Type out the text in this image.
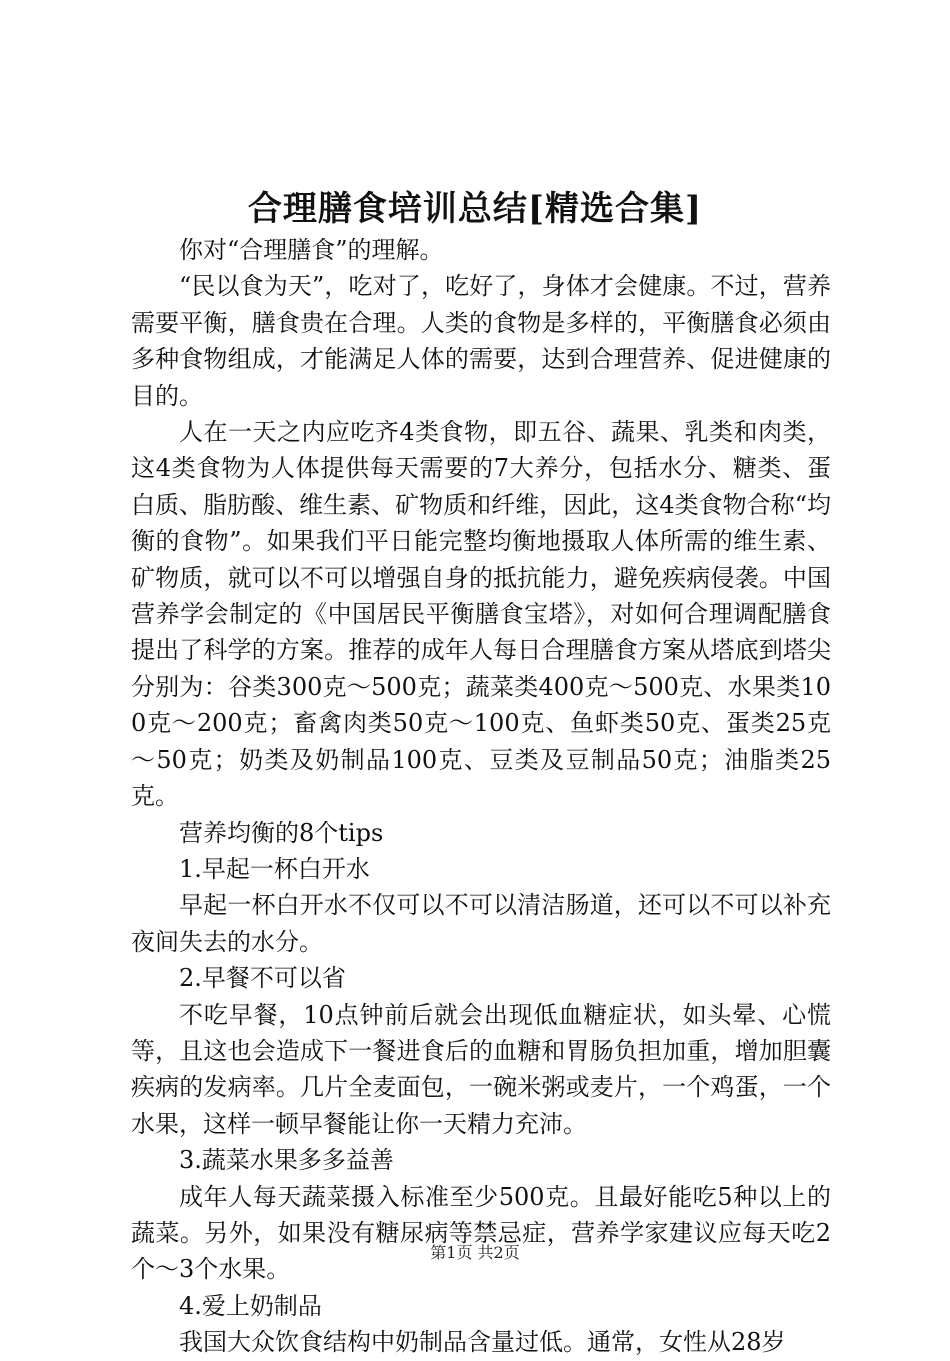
合理膳食培训总结[精选合集]

你对“合理膳食”的理解。

“民以食为天”，吃对了，吃好了，身体才会健康。不过，营养需要平衡，膳食贵在合理。人类的食物是多样的，平衡膳食必须由多种食物组成，才能满足人体的需要，达到合理营养、促进健康的目的。

人在一天之内应吃齐4类食物，即五谷、蔬果、乳类和肉类，这4类食物为人体提供每天需要的7大养分，包括水分、糖类、蛋白质、脂肪酸、维生素、矿物质和纤维，因此，这4类食物合称“均衡的食物”。如果我们平日能完整均衡地摄取人体所需的维生素、矿物质，就可以不可以增强自身的抵抗能力，避免疾病侵袭。中国营养学会制定的《中国居民平衡膳食宝塔》，对如何合理调配膳食提出了科学的方案。推荐的成年人每日合理膳食方案从塔底到塔尖分别为：谷类300克～500克；蔬菜类400克～500克、水果类100克～200克；畜禽肉类50克～100克、鱼虾类50克、蛋类25克～50克；奶类及奶制品100克、豆类及豆制品50克；油脂类25克。

营养均衡的8个tips

1.早起一杯白开水

早起一杯白开水不仅可以不可以清洁肠道，还可以不可以补充夜间失去的水分。

2.早餐不可以省

不吃早餐，10点钟前后就会出现低血糖症状，如头晕、心慌等，且这也会造成下一餐进食后的血糖和胃肠负担加重，增加胆囊疾病的发病率。几片全麦面包，一碗米粥或麦片，一个鸡蛋，一个水果，这样一顿早餐能让你一天精力充沛。

3.蔬菜水果多多益善

成年人每天蔬菜摄入标准至少500克。且最好能吃5种以上的蔬菜。另外，如果没有糖尿病等禁忌症，营养学家建议应每天吃2个～3个水果。

4.爱上奶制品

我国大众饮食结构中奶制品含量过低。通常，女性从28岁

第1页 共2页
